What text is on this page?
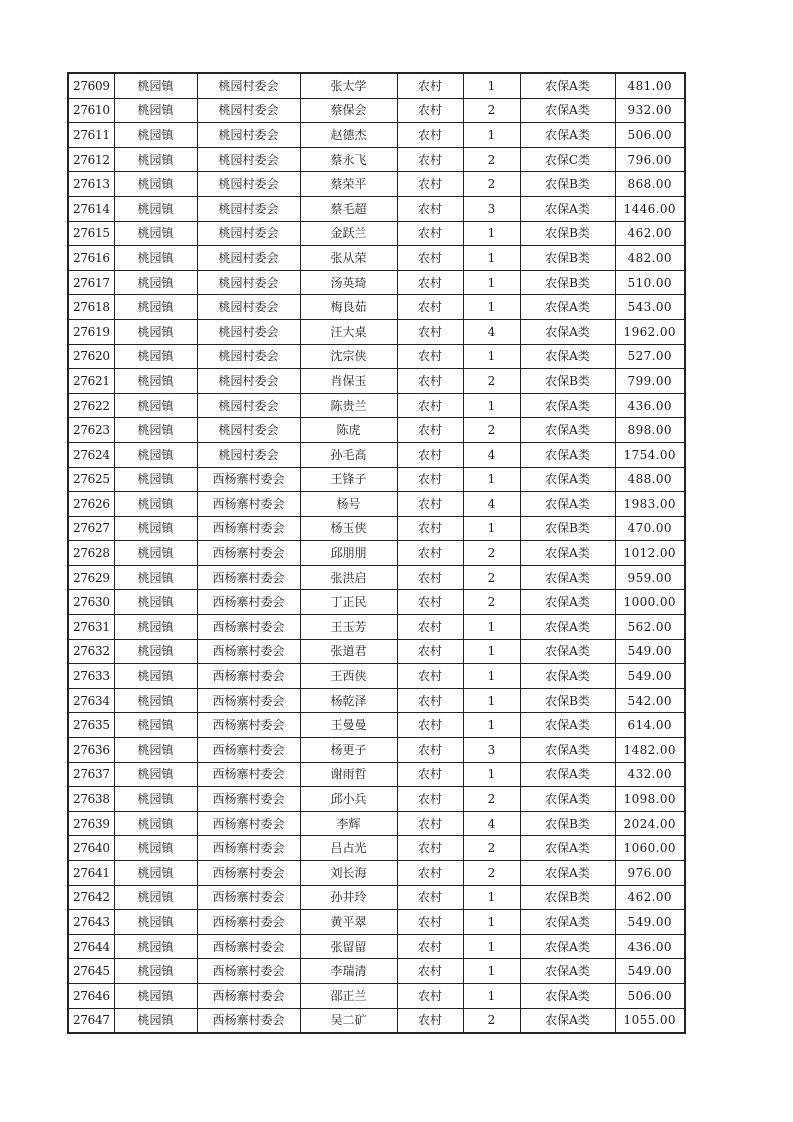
27609	桃园镇	桃园村委会	张太学	农村	1	农保A类	481.00
27610	桃园镇	桃园村委会	蔡保会	农村	2	农保A类	932.00
27611	桃园镇	桃园村委会	赵德杰	农村	1	农保A类	506.00
27612	桃园镇	桃园村委会	蔡永飞	农村	2	农保C类	796.00
27613	桃园镇	桃园村委会	蔡荣平	农村	2	农保B类	868.00
27614	桃园镇	桃园村委会	蔡毛超	农村	3	农保A类	1446.00
27615	桃园镇	桃园村委会	金跃兰	农村	1	农保B类	462.00
27616	桃园镇	桃园村委会	张从荣	农村	1	农保B类	482.00
27617	桃园镇	桃园村委会	汤英琦	农村	1	农保B类	510.00
27618	桃园镇	桃园村委会	梅良茹	农村	1	农保A类	543.00
27619	桃园镇	桃园村委会	汪大桌	农村	4	农保A类	1962.00
27620	桃园镇	桃园村委会	沈宗侠	农村	1	农保A类	527.00
27621	桃园镇	桃园村委会	肖保玉	农村	2	农保B类	799.00
27622	桃园镇	桃园村委会	陈贵兰	农村	1	农保A类	436.00
27623	桃园镇	桃园村委会	陈虎	农村	2	农保A类	898.00
27624	桃园镇	桃园村委会	孙毛高	农村	4	农保A类	1754.00
27625	桃园镇	西杨寨村委会	王锋子	农村	1	农保A类	488.00
27626	桃园镇	西杨寨村委会	杨号	农村	4	农保A类	1983.00
27627	桃园镇	西杨寨村委会	杨玉侠	农村	1	农保B类	470.00
27628	桃园镇	西杨寨村委会	邱朋朋	农村	2	农保A类	1012.00
27629	桃园镇	西杨寨村委会	张洪启	农村	2	农保A类	959.00
27630	桃园镇	西杨寨村委会	丁正民	农村	2	农保A类	1000.00
27631	桃园镇	西杨寨村委会	王玉芳	农村	1	农保A类	562.00
27632	桃园镇	西杨寨村委会	张道君	农村	1	农保A类	549.00
27633	桃园镇	西杨寨村委会	王西侠	农村	1	农保A类	549.00
27634	桃园镇	西杨寨村委会	杨乾泽	农村	1	农保B类	542.00
27635	桃园镇	西杨寨村委会	王曼曼	农村	1	农保A类	614.00
27636	桃园镇	西杨寨村委会	杨更子	农村	3	农保A类	1482.00
27637	桃园镇	西杨寨村委会	谢雨哲	农村	1	农保A类	432.00
27638	桃园镇	西杨寨村委会	邱小兵	农村	2	农保A类	1098.00
27639	桃园镇	西杨寨村委会	李辉	农村	4	农保B类	2024.00
27640	桃园镇	西杨寨村委会	吕占光	农村	2	农保A类	1060.00
27641	桃园镇	西杨寨村委会	刘长海	农村	2	农保A类	976.00
27642	桃园镇	西杨寨村委会	孙井玲	农村	1	农保B类	462.00
27643	桃园镇	西杨寨村委会	黄平翠	农村	1	农保A类	549.00
27644	桃园镇	西杨寨村委会	张留留	农村	1	农保A类	436.00
27645	桃园镇	西杨寨村委会	李瑞清	农村	1	农保A类	549.00
27646	桃园镇	西杨寨村委会	邵正兰	农村	1	农保A类	506.00
27647	桃园镇	西杨寨村委会	吴二矿	农村	2	农保A类	1055.00
